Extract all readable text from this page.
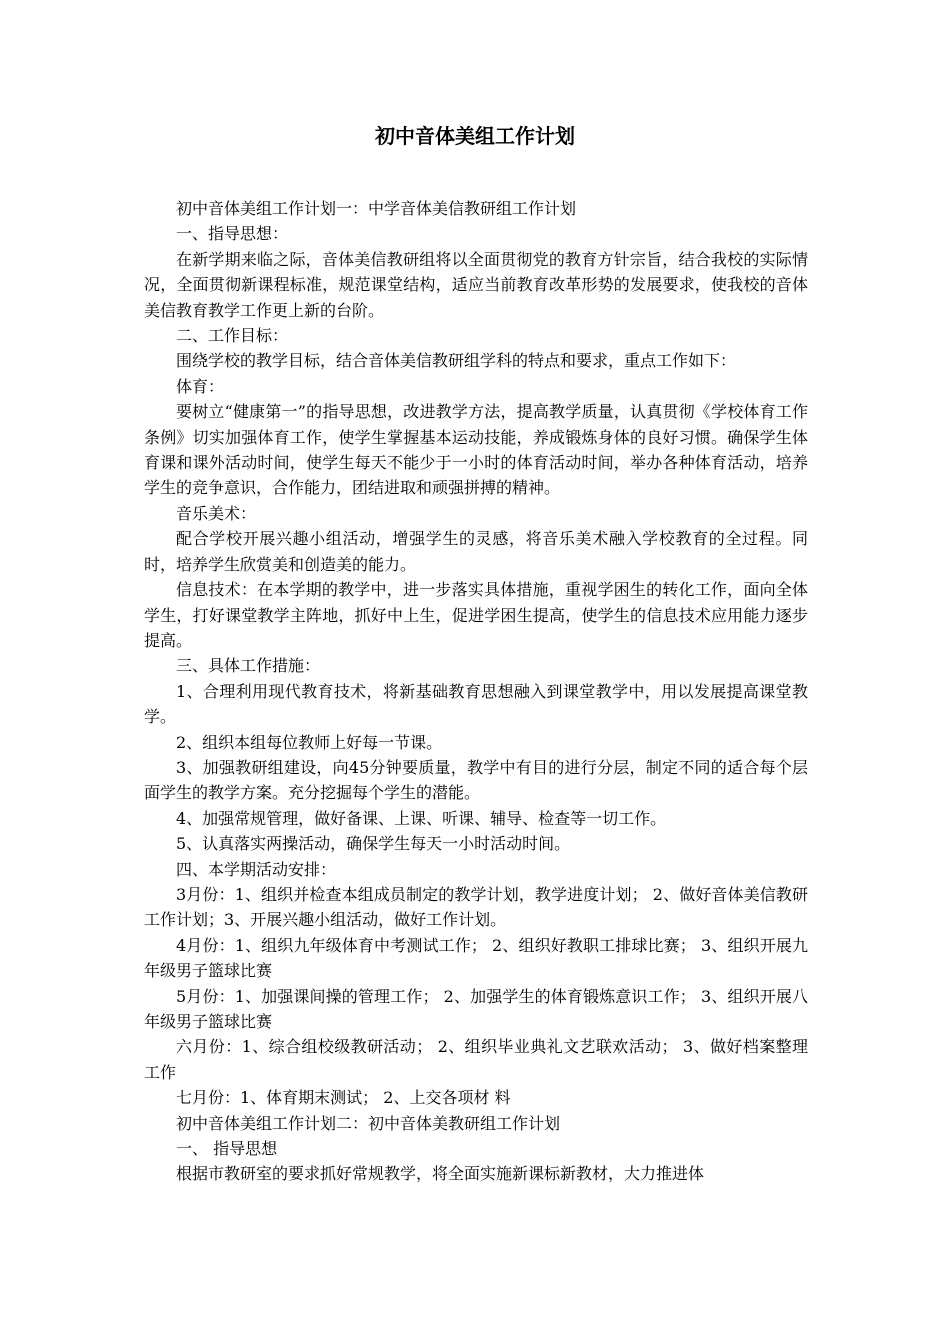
初中音体美组工作计划

初中音体美组工作计划一：中学音体美信教研组工作计划

一、指导思想：

在新学期来临之际，音体美信教研组将以全面贯彻党的教育方针宗旨，结合我校的实际情况，全面贯彻新课程标准，规范课堂结构，适应当前教育改革形势的发展要求，使我校的音体美信教育教学工作更上新的台阶。

二、工作目标：

围绕学校的教学目标，结合音体美信教研组学科的特点和要求，重点工作如下：

体育：

要树立“健康第一”的指导思想，改进教学方法，提高教学质量，认真贯彻《学校体育工作条例》切实加强体育工作，使学生掌握基本运动技能，养成锻炼身体的良好习惯。确保学生体育课和课外活动时间，使学生每天不能少于一小时的体育活动时间，举办各种体育活动，培养学生的竞争意识，合作能力，团结进取和顽强拼搏的精神。

音乐美术：

配合学校开展兴趣小组活动，增强学生的灵感，将音乐美术融入学校教育的全过程。同时，培养学生欣赏美和创造美的能力。

信息技术：在本学期的教学中，进一步落实具体措施，重视学困生的转化工作，面向全体学生，打好课堂教学主阵地，抓好中上生，促进学困生提高，使学生的信息技术应用能力逐步提高。

三、具体工作措施：

1、合理利用现代教育技术，将新基础教育思想融入到课堂教学中，用以发展提高课堂教学。

2、组织本组每位教师上好每一节课。

3、加强教研组建设，向45分钟要质量，教学中有目的进行分层，制定不同的适合每个层面学生的教学方案。充分挖掘每个学生的潜能。

4、加强常规管理，做好备课、上课、听课、辅导、检查等一切工作。

5、认真落实两操活动，确保学生每天一小时活动时间。

四、本学期活动安排：

3月份：1、组织并检查本组成员制定的教学计划，教学进度计划； 2、做好音体美信教研工作计划；3、开展兴趣小组活动，做好工作计划。

4月份：1、组织九年级体育中考测试工作； 2、组织好教职工排球比赛； 3、组织开展九年级男子篮球比赛

5月份：1、加强课间操的管理工作； 2、加强学生的体育锻炼意识工作； 3、组织开展八年级男子篮球比赛

六月份：1、综合组校级教研活动； 2、组织毕业典礼文艺联欢活动； 3、做好档案整理工作

七月份：1、体育期末测试； 2、上交各项材 料

初中音体美组工作计划二：初中音体美教研组工作计划

一、 指导思想

根据市教研室的要求抓好常规教学，将全面实施新课标新教材，大力推进体
